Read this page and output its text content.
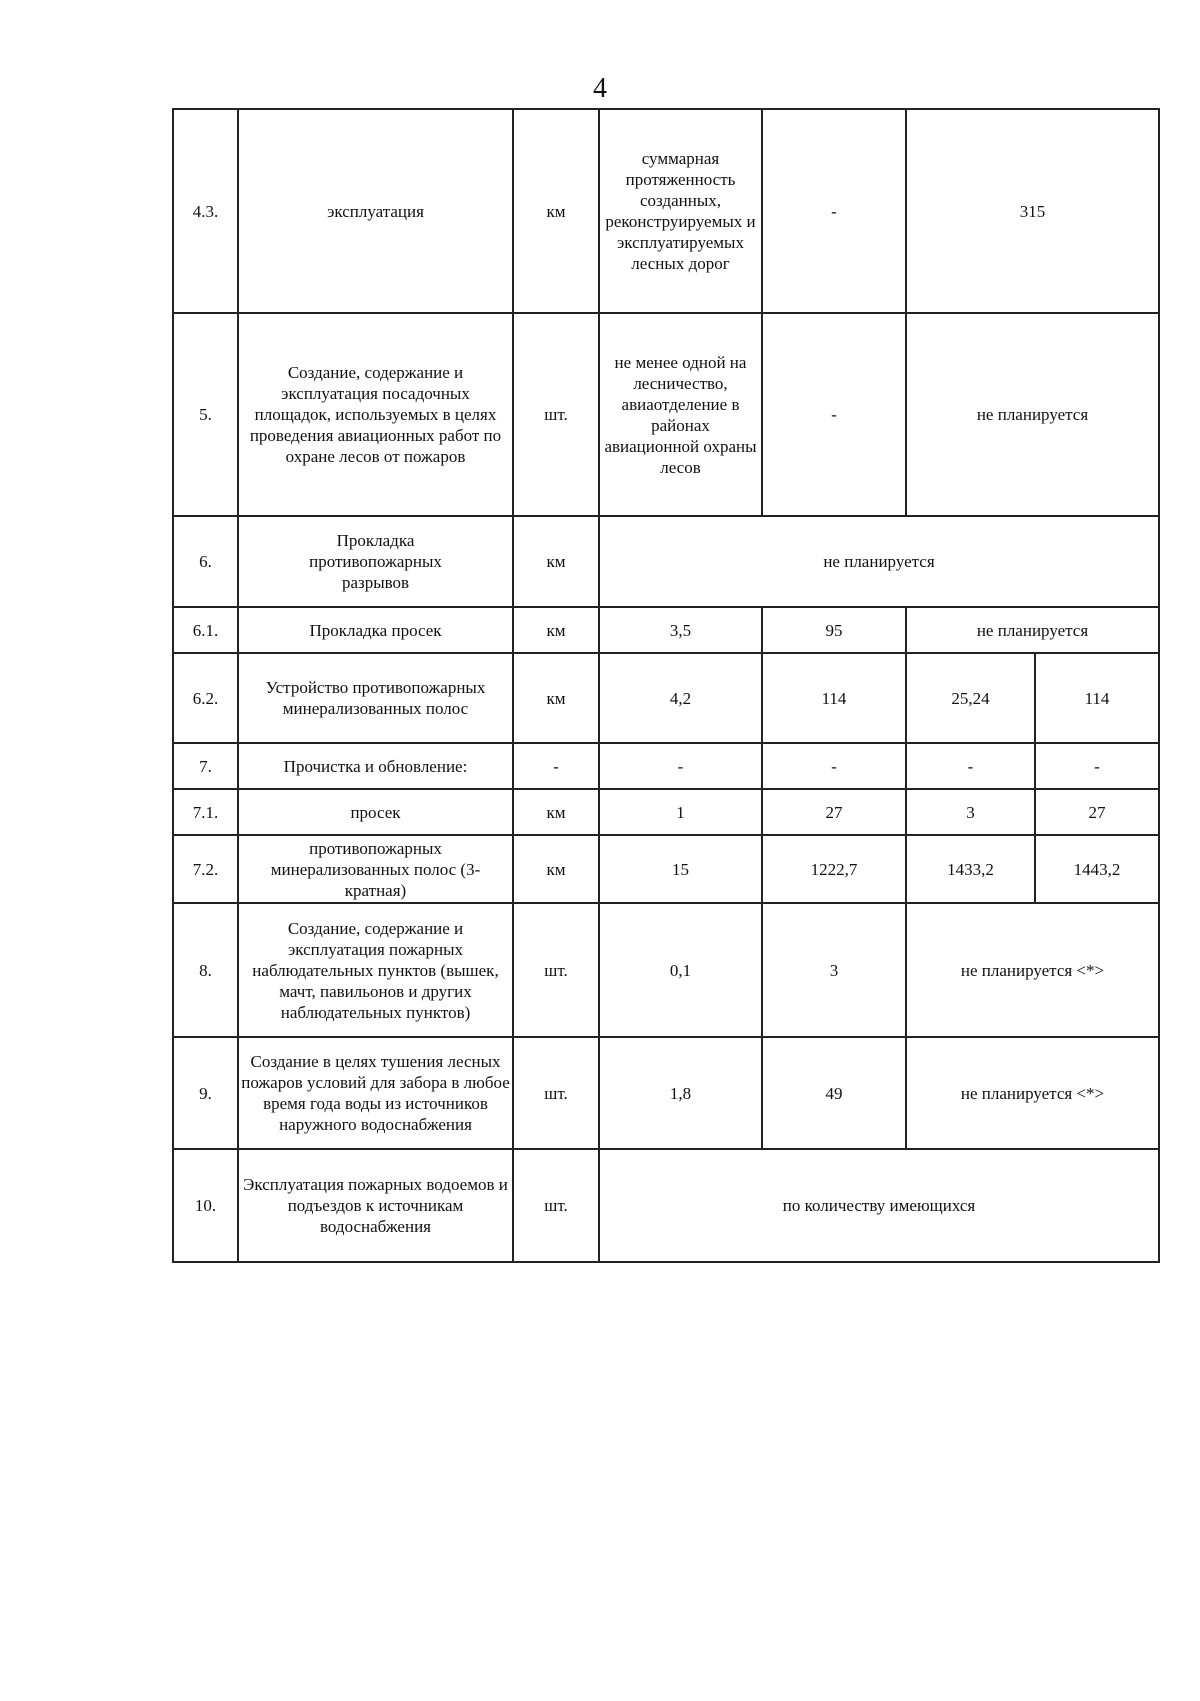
4
4.3.	эксплуатация	км	суммарная протяженность созданных, реконструируемых и эксплуатируемых лесных дорог	-	315	
5.	Создание, содержание и эксплуатация посадочных площадок, используемых в целях проведения авиационных работ по охране лесов от пожаров	шт.	не менее одной на лесничество, авиаотделение в районах авиационной охраны лесов	-	не планируется	
6.	Прокладка противопожарных разрывов	км	не планируется			
6.1.	Прокладка просек	км	3,5	95	не планируется	
6.2.	Устройство противопожарных минерализованных полос	км	4,2	114	25,24	114
7.	Прочистка и обновление:	-	-	-	-	-
7.1.	просек	км	1	27	3	27
7.2.	противопожарных минерализованных полос (3-кратная)	км	15	1222,7	1433,2	1443,2
8.	Создание, содержание и эксплуатация пожарных наблюдательных пунктов (вышек, мачт, павильонов и других наблюдательных пунктов)	шт.	0,1	3	не планируется <*>	
9.	Создание в целях тушения лесных пожаров условий для забора в любое время года воды из источников наружного водоснабжения	шт.	1,8	49	не планируется <*>	
10.	Эксплуатация пожарных водоемов и подъездов к источникам водоснабжения	шт.	по количеству имеющихся			
